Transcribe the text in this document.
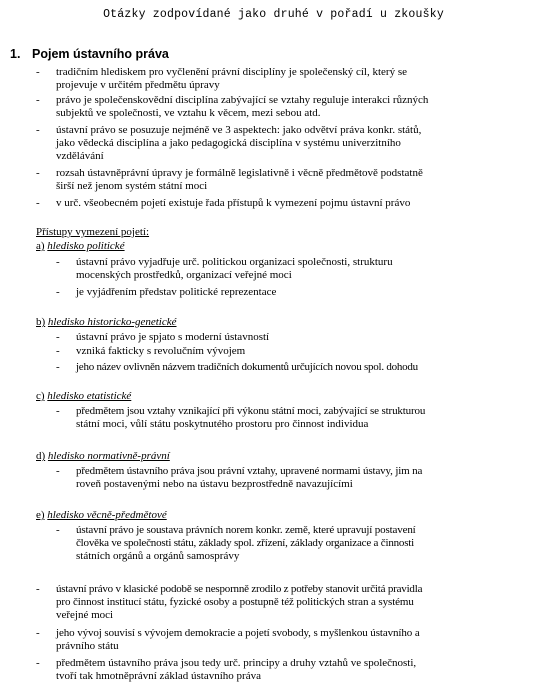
Otázky zodpovídané jako druhé v pořadí u zkoušky
1. Pojem ústavního práva
- tradičním hlediskem pro vyčlenění právní disciplíny je společenský cíl, který se
projevuje v určitém předmětu úpravy
- právo je společenskovědní disciplína zabývající se vztahy reguluje interakci různých
subjektů ve společnosti, ve vztahu k věcem, mezi sebou atd.
- ústavní právo se posuzuje nejméně ve 3 aspektech: jako odvětví práva konkr. států,
jako vědecká disciplína a jako pedagogická disciplína v systému univerzitního
vzdělávání
- rozsah ústavněprávní úpravy je formálně legislativně i věcně předmětově podstatně
širší než jenom systém státní moci
- v urč. všeobecném pojetí existuje řada přístupů k vymezení pojmu ústavní právo
Přístupy vymezení pojetí:
a) hledisko politické
- ústavní právo vyjadřuje urč. politickou organizaci společnosti, strukturu
mocenských prostředků, organizací veřejné moci
- je vyjádřením představ politické reprezentace
b) hledisko historicko-genetické
- ústavní právo je spjato s moderní ústavností
- vzniká fakticky s revolučním vývojem
- jeho název ovlivněn názvem tradičních dokumentů určujících novou spol. dohodu
c) hledisko etatistické
- předmětem jsou vztahy vznikající při výkonu státní moci, zabývající se strukturou
státní moci, vůlí státu poskytnutého prostoru pro činnost individua
d) hledisko normativně-právní
- předmětem ústavního práva jsou právní vztahy, upravené normami ústavy, jim na
roveň postavenými nebo na ústavu bezprostředně navazujícími
e) hledisko věcně-předmětové
- ústavní právo je soustava právních norem konkr. země, které upravují postavení
člověka ve společnosti státu, základy spol. zřízení, základy organizace a činnosti
státních orgánů a orgánů samosprávy
- ústavní právo v klasické podobě se nespornně zrodilo z potřeby stanovit určitá pravidla
pro činnost institucí státu, fyzické osoby a postupně též politických stran a systému
veřejné moci
- jeho vývoj souvisí s vývojem demokracie a pojetí svobody, s myšlenkou ústavního a
právního státu
- předmětem ústavního práva jsou tedy urč. principy a druhy vztahů ve společnosti,
tvoří tak hmotněprávní základ ústavního práva
